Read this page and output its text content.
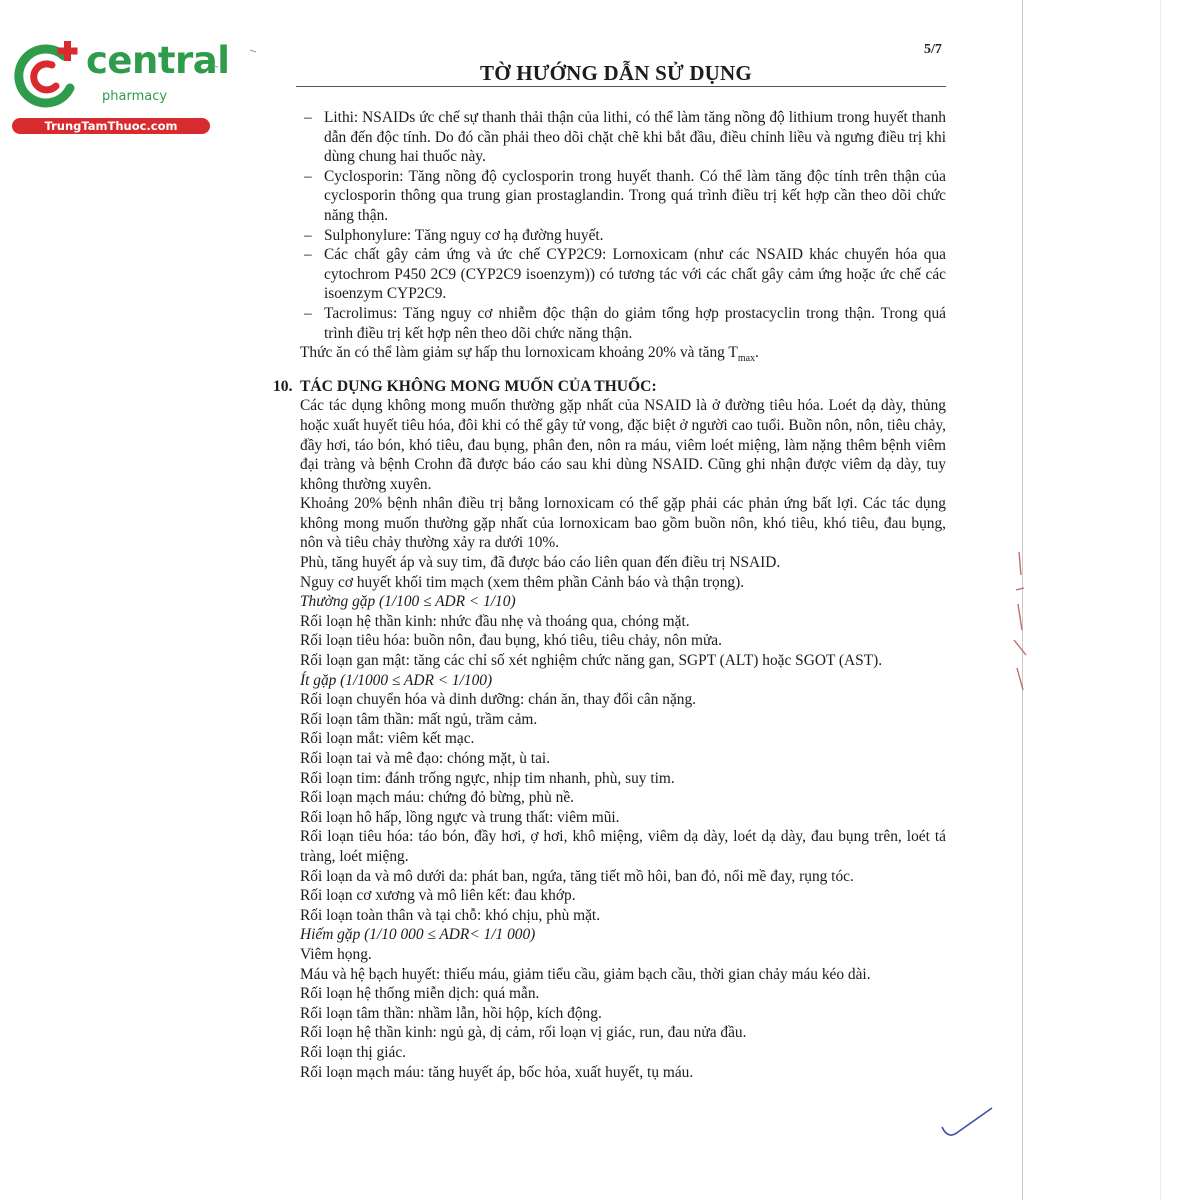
central
pharmacy
TrungTamThuoc.com
5/7
TỜ HƯỚNG DẪN SỬ DỤNG
– Lithi: NSAIDs ức chế sự thanh thải thận của lithi, có thể làm tăng nồng độ lithium trong huyết thanh dẫn đến độc tính. Do đó cần phải theo dõi chặt chẽ khi bắt đầu, điều chỉnh liều và ngưng điều trị khi dùng chung hai thuốc này.
– Cyclosporin: Tăng nồng độ cyclosporin trong huyết thanh. Có thể làm tăng độc tính trên thận của cyclosporin thông qua trung gian prostaglandin. Trong quá trình điều trị kết hợp cần theo dõi chức năng thận.
– Sulphonylure: Tăng nguy cơ hạ đường huyết.
– Các chất gây cảm ứng và ức chế CYP2C9: Lornoxicam (như các NSAID khác chuyển hóa qua cytochrom P450 2C9 (CYP2C9 isoenzym)) có tương tác với các chất gây cảm ứng hoặc ức chế các isoenzym CYP2C9.
– Tacrolimus: Tăng nguy cơ nhiễm độc thận do giảm tổng hợp prostacyclin trong thận. Trong quá trình điều trị kết hợp nên theo dõi chức năng thận.
Thức ăn có thể làm giảm sự hấp thu lornoxicam khoảng 20% và tăng $T_{max}$.
10. TÁC DỤNG KHÔNG MONG MUỐN CỦA THUỐC:
Các tác dụng không mong muốn thường gặp nhất của NSAID là ở đường tiêu hóa. Loét dạ dày, thủng hoặc xuất huyết tiêu hóa, đôi khi có thể gây tử vong, đặc biệt ở người cao tuổi. Buồn nôn, nôn, tiêu chảy, đầy hơi, táo bón, khó tiêu, đau bụng, phân đen, nôn ra máu, viêm loét miệng, làm nặng thêm bệnh viêm đại tràng và bệnh Crohn đã được báo cáo sau khi dùng NSAID. Cũng ghi nhận được viêm dạ dày, tuy không thường xuyên.
Khoảng 20% bệnh nhân điều trị bằng lornoxicam có thể gặp phải các phản ứng bất lợi. Các tác dụng không mong muốn thường gặp nhất của lornoxicam bao gồm buồn nôn, khó tiêu, khó tiêu, đau bụng, nôn và tiêu chảy thường xảy ra dưới 10%.
Phù, tăng huyết áp và suy tim, đã được báo cáo liên quan đến điều trị NSAID.
Nguy cơ huyết khối tim mạch (xem thêm phần Cảnh báo và thận trọng).
Thường gặp (1/100 ≤ ADR < 1/10)
Rối loạn hệ thần kinh: nhức đầu nhẹ và thoáng qua, chóng mặt.
Rối loạn tiêu hóa: buồn nôn, đau bụng, khó tiêu, tiêu chảy, nôn mửa.
Rối loạn gan mật: tăng các chỉ số xét nghiệm chức năng gan, SGPT (ALT) hoặc SGOT (AST).
Ít gặp (1/1000 ≤ ADR < 1/100)
Rối loạn chuyển hóa và dinh dưỡng: chán ăn, thay đổi cân nặng.
Rối loạn tâm thần: mất ngủ, trầm cảm.
Rối loạn mắt: viêm kết mạc.
Rối loạn tai và mê đạo: chóng mặt, ù tai.
Rối loạn tim: đánh trống ngực, nhịp tim nhanh, phù, suy tim.
Rối loạn mạch máu: chứng đỏ bừng, phù nề.
Rối loạn hô hấp, lồng ngực và trung thất: viêm mũi.
Rối loạn tiêu hóa: táo bón, đầy hơi, ợ hơi, khô miệng, viêm dạ dày, loét dạ dày, đau bụng trên, loét tá tràng, loét miệng.
Rối loạn da và mô dưới da: phát ban, ngứa, tăng tiết mồ hôi, ban đỏ, nổi mề đay, rụng tóc.
Rối loạn cơ xương và mô liên kết: đau khớp.
Rối loạn toàn thân và tại chỗ: khó chịu, phù mặt.
Hiếm gặp (1/10 000 ≤ ADR< 1/1 000)
Viêm họng.
Máu và hệ bạch huyết: thiếu máu, giảm tiểu cầu, giảm bạch cầu, thời gian chảy máu kéo dài.
Rối loạn hệ thống miễn dịch: quá mẫn.
Rối loạn tâm thần: nhầm lẫn, hồi hộp, kích động.
Rối loạn hệ thần kinh: ngủ gà, dị cảm, rối loạn vị giác, run, đau nửa đầu.
Rối loạn thị giác.
Rối loạn mạch máu: tăng huyết áp, bốc hỏa, xuất huyết, tụ máu.
